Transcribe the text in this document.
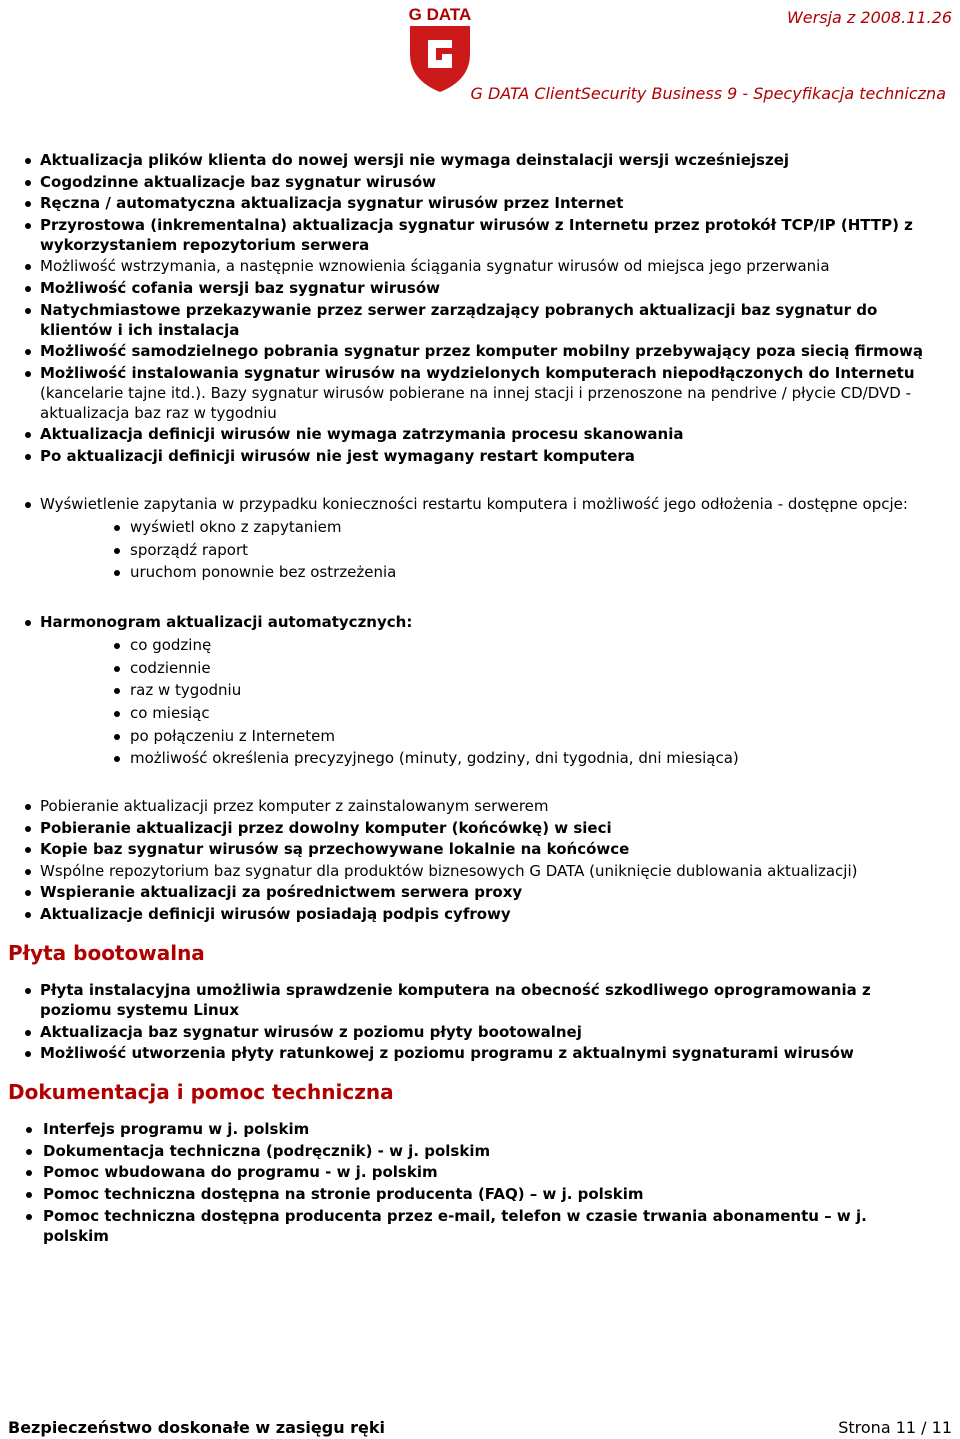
Wersja z 2008.11.26
G DATA
G DATA ClientSecurity Business 9 - Specyfikacja techniczna
Aktualizacja plików klienta do nowej wersji nie wymaga deinstalacji wersji wcześniejszej
Cogodzinne aktualizacje baz sygnatur wirusów
Ręczna / automatyczna aktualizacja sygnatur wirusów przez Internet
Przyrostowa (inkrementalna) aktualizacja sygnatur wirusów z Internetu przez protokół TCP/IP (HTTP) z wykorzystaniem repozytorium serwera
Możliwość wstrzymania, a następnie wznowienia ściągania sygnatur wirusów od miejsca jego przerwania
Możliwość cofania wersji baz sygnatur wirusów
Natychmiastowe przekazywanie przez serwer zarządzający pobranych aktualizacji baz sygnatur do klientów i ich instalacja
Możliwość samodzielnego pobrania sygnatur przez komputer mobilny przebywający poza siecią firmową
Możliwość instalowania sygnatur wirusów na wydzielonych komputerach niepodłączonych do Internetu (kancelarie tajne itd.). Bazy sygnatur wirusów pobierane na innej stacji i przenoszone na pendrive / płycie CD/DVD - aktualizacja baz raz w tygodniu
Aktualizacja definicji wirusów nie wymaga zatrzymania procesu skanowania
Po aktualizacji definicji wirusów nie jest wymagany restart komputera
Wyświetlenie zapytania w przypadku konieczności restartu komputera i możliwość jego odłożenia - dostępne opcje:
wyświetl okno z zapytaniem
sporządź raport
uruchom ponownie bez ostrzeżenia
Harmonogram aktualizacji automatycznych:
co godzinę
codziennie
raz w tygodniu
co miesiąc
po połączeniu z Internetem
możliwość określenia precyzyjnego (minuty, godziny, dni tygodnia, dni miesiąca)
Pobieranie aktualizacji przez komputer z zainstalowanym serwerem
Pobieranie aktualizacji przez dowolny komputer (końcówkę) w sieci
Kopie baz sygnatur wirusów są przechowywane lokalnie na końcówce
Wspólne repozytorium baz sygnatur dla produktów biznesowych G DATA (uniknięcie dublowania aktualizacji)
Wspieranie aktualizacji za pośrednictwem serwera proxy
Aktualizacje definicji wirusów posiadają podpis cyfrowy
Płyta bootowalna
Płyta instalacyjna umożliwia sprawdzenie komputera na obecność szkodliwego oprogramowania z poziomu systemu Linux
Aktualizacja baz sygnatur wirusów z poziomu płyty bootowalnej
Możliwość utworzenia płyty ratunkowej z poziomu programu z aktualnymi sygnaturami wirusów
Dokumentacja i pomoc techniczna
Interfejs programu w j. polskim
Dokumentacja techniczna (podręcznik) - w j. polskim
Pomoc wbudowana do programu - w j. polskim
Pomoc techniczna dostępna na stronie producenta (FAQ) – w j. polskim
Pomoc techniczna dostępna producenta przez e-mail, telefon w czasie trwania abonamentu – w j. polskim
Bezpieczeństwo doskonałe w zasięgu ręki	Strona 11 / 11
